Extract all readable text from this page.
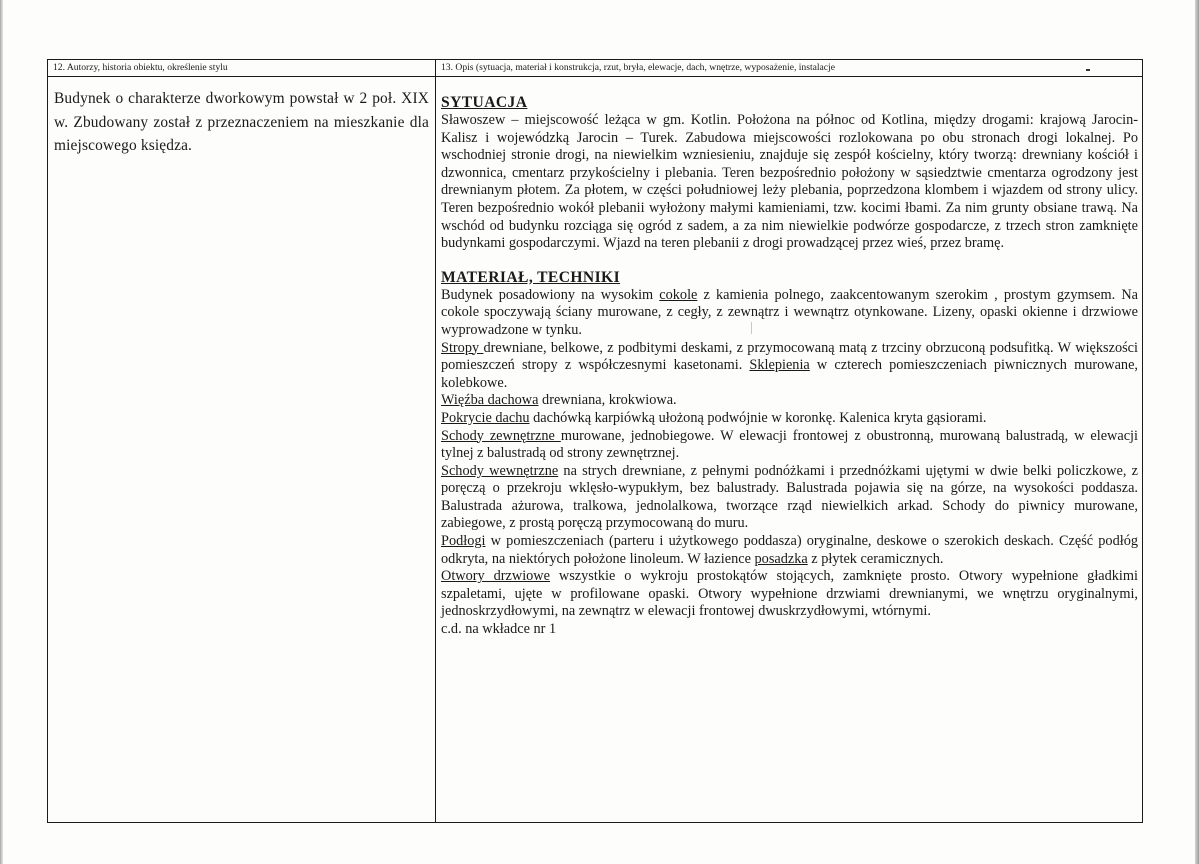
12. Autorzy, historia obiektu, określenie stylu
Budynek o charakterze dworkowym powstał w 2 poł. XIX w. Zbudowany został z przeznaczeniem na mieszkanie dla miejscowego księdza.
13. Opis (sytuacja, materiał i konstrukcja, rzut, bryła, elewacje, dach, wnętrze, wyposażenie, instalacje
SYTUACJA

Sławoszew – miejscowość leżąca w gm. Kotlin. Położona na północ od Kotlina, między drogami: krajową Jarocin- Kalisz i wojewódzką Jarocin – Turek. Zabudowa miejscowości rozlokowana po obu stronach drogi lokalnej. Po wschodniej stronie drogi, na niewielkim wzniesieniu, znajduje się zespół kościelny, który tworzą: drewniany kościół i dzwonnica, cmentarz przykościelny i plebania. Teren bezpośrednio położony w sąsiedztwie cmentarza ogrodzony jest drewnianym płotem. Za płotem, w części południowej leży plebania, poprzedzona klombem i wjazdem od strony ulicy. Teren bezpośrednio wokół plebanii wyłożony małymi kamieniami, tzw. kocimi łbami. Za nim grunty obsiane trawą. Na wschód od budynku rozciąga się ogród z sadem, a za nim niewielkie podwórze gospodarcze, z trzech stron zamknięte budynkami gospodarczymi. Wjazd na teren plebanii z drogi prowadzącej przez wieś, przez bramę.

MATERIAŁ, TECHNIKI

Budynek posadowiony na wysokim cokole z kamienia polnego, zaakcentowanym szerokim , prostym gzymsem. Na cokole spoczywają ściany murowane, z cegły, z zewnątrz i wewnątrz otynkowane. Lizeny, opaski okienne i drzwiowe wyprowadzone w tynku.

Stropy drewniane, belkowe, z podbitymi deskami, z przymocowaną matą z trzciny obrzuconą podsufitką. W większości pomieszczeń stropy z współczesnymi kasetonami. Sklepienia w czterech pomieszczeniach piwnicznych murowane, kolebkowe.

Więźba dachowa drewniana, krokwiowa.

Pokrycie dachu dachówką karpiówką ułożoną podwójnie w koronkę. Kalenica kryta gąsiorami.

Schody zewnętrzne murowane, jednobiegowe. W elewacji frontowej z obustronną, murowaną balustradą, w elewacji tylnej z balustradą od strony zewnętrznej.

Schody wewnętrzne na strych drewniane, z pełnymi podnóżkami i przednóżkami ujętymi w dwie belki policzkowe, z poręczą o przekroju wklęsło-wypukłym, bez balustrady. Balustrada pojawia się na górze, na wysokości poddasza. Balustrada ażurowa, tralkowa, jednolalkowa, tworzące rząd niewielkich arkad. Schody do piwnicy murowane, zabiegowe, z prostą poręczą przymocowaną do muru.

Podłogi w pomieszczeniach (parteru i użytkowego poddasza) oryginalne, deskowe o szerokich deskach. Część podłóg odkryta, na niektórych położone linoleum. W łazience posadzka z płytek ceramicznych.

Otwory drzwiowe wszystkie o wykroju prostokątów stojących, zamknięte prosto. Otwory wypełnione gładkimi szpaletami, ujęte w profilowane opaski. Otwory wypełnione drzwiami drewnianymi, we wnętrzu oryginalnymi, jednoskrzydłowymi, na zewnątrz w elewacji frontowej dwuskrzydłowymi, wtórnymi.

c.d. na wkładce nr 1
